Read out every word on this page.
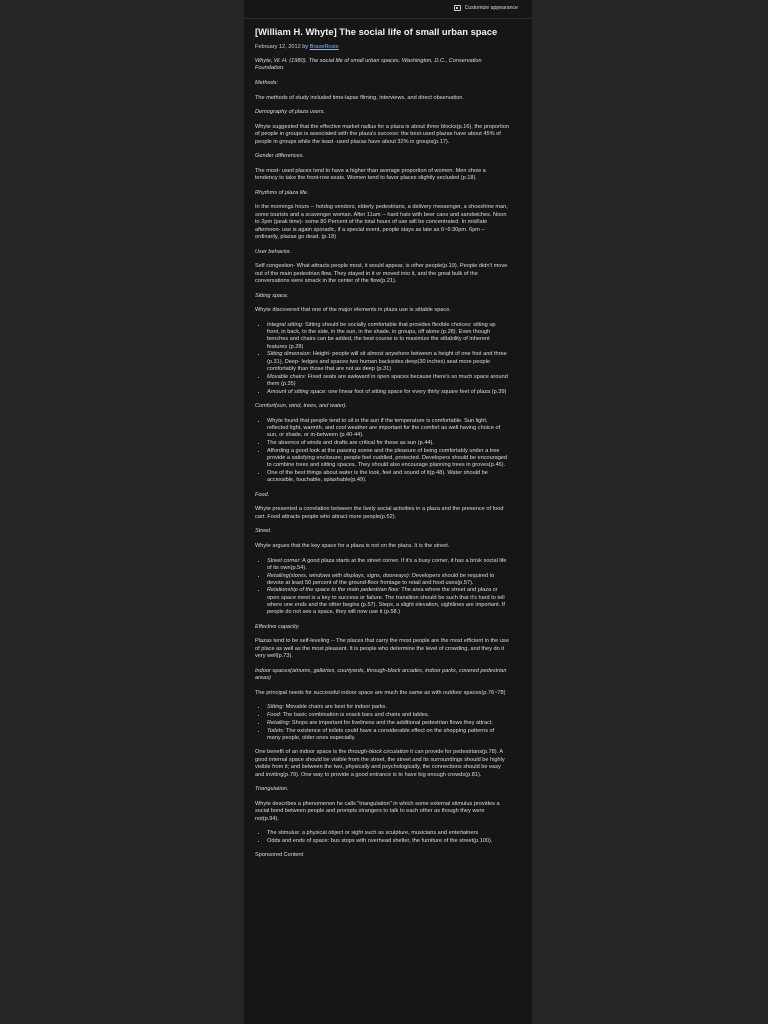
Customize appearance
[William H. Whyte] The social life of small urban space
February 12, 2012 by BraveRosie

Whyte, W. H. (1980). The social life of small urban spaces. Washington, D.C., Conservation Foundation.

Methods:

The methods of study included time-lapse filming, interviews, and direct observation.

Demography of plaza users.

Whyte suggested that the effective market radius for a plaza is about three blocks(p.16), the proportion of people in groups is associated with the plaza's success: the best-used plazas have about 45% of people in groups while the least -used plazas have about 32% in groups(p.17).

Gender differences.

The most- used places tend to have a higher than average proportion of women. Men show a tendency to take the front-row seats. Women tend to favor places slightly secluded (p.18).

Rhythms of plaza life.

In the mornings hours -- hotdog vendors, elderly pedestrians, a delivery messenger, a shoeshine man, some tourists and a scavenger woman. After 11am -- hard hats with beer cans and sandwiches. Noon to 2pm (peak time)- some 80 Percent of the total hours of use will be concentrated. In mid/late afternoon- use is again sporadic, if a special event, people stays as late as 6~6:30pm. 6pm -- ordinarily, plazas go dead. (p.18)

User behavior.

Self congestion- What attracts people most, it would appear, is other people(p.19). People didn't move out of the main pedestrian flow. They stayed in it or moved into it, and the great bulk of the conversations were smack in the center of the flow(p.21).

Sitting space.

Whyte discovered that one of the major elements in plaza use is sittable space.

• Integral sitting: Sitting should be socially comfortable that provides flexible choices: sitting up front, in back, to the side, in the sun, in the shade, in groups, off alone (p.28). Even though benches and chairs can be added, the best course is to maximize the sittability of inherent features (p.28)
• Sitting dimension: Height- people will sit almost anywhere between a height of one foot and three (p.31), Deep- ledges and spaces two human backsides deep(30 inches) seat more people comfortably than those that are not as deep (p.31)
• Movable chairs: Fixed seats are awkward in open spaces because there's so much space around them (p.35)
• Amount of sitting space: one linear foot of sitting space for every thirty square feet of plaza (p.39)

Comfort(sun, wind, trees, and water).

• Whyte found that people tend to sit in the sun if the temperature is comfortable. Sun light, reflected light, warmth, and cool weather are important for the comfort as well having choice of sun, or shade, or in-between (p.40-44).
• The absence of winds and drafts are critical for these as sun (p.44).
• Affording a good look at the passing scene and the pleasure of being comfortably under a tree provide a satisfying enclosure; people feel cuddled, protected. Developers should be encouraged to combine trees and sitting spaces. They should also encourage planning trees in groves(p.46).
• One of the best things about water is the look, feel and sound of it(p.48). Water should be accessible, touchable, splashable(p.49).

Food.

Whyte presented a correlation between the lively social activities in a plaza and the presence of food cart. Food attracts people who attract more people(p.52).

Street.

Whyte argues that the key space for a plaza is not on the plaza. It is the street.

• Street corner: A good plaza starts at the street corner. If it's a busy corner, it has a brisk social life of its own(p.54).
• Retailing(stores, windows with displays, signs, doorways): Developers should be required to devote at least 50 percent of the ground-floor frontage to retail and food uses(p.57).
• Relationship of the space to the main pedestrian flow: The area where the street and plaza or open space meet is a key to success or failure. The transition should be such that it's hard to tell where one ends and the other begins (p.57). Steps, a slight elevation, sightlines are important. If people do not see a space, they will now use it (p.58.)

Effective capacity.

Plazas tend to be self-leveling -- The places that carry the most people are the most efficient in the use of place as well as the most pleasant. It is people who determine the level of crowding, and they do it very well(p.73).

Indoor spaces(atriums, galleries, courtyards, through-block arcades, indoor parks, covered pedestrian areas)

The principal needs for successful indoor space are much the same as with outdoor spaces(p.76~78)

• Sitting: Movable chairs are best for indoor parks.
• Food: The basic combination is snack bars and chairs and tables.
• Retailing: Shops are important for liveliness and the additional pedestrian flows they attract.
• Toilets: The existence of toilets could have a considerable effect on the shopping patterns of many people, older ones especially.

One benefit of an indoor space is the through-block circulation it can provide for pedestrians(p.78). A good internal space should be visible from the street, the street and its surroundings should be highly visible from it; and between the two, physically and psychologically, the connections should be easy and inviting(p.79). One way to provide a good entrance is to have big enough crowds(p.81).

Triangulation.

Whyte describes a phenomenon he calls "triangulation" in which some external stimulus provides a social bond between people and prompts strangers to talk to each other as though they were not(p.94).

• The stimulus: a physical object or sight such as sculpture, musicians and entertainers
• Odds and ends of space: bus stops with overhead shelter, the furniture of the street(p.100).

Sponsored Content
